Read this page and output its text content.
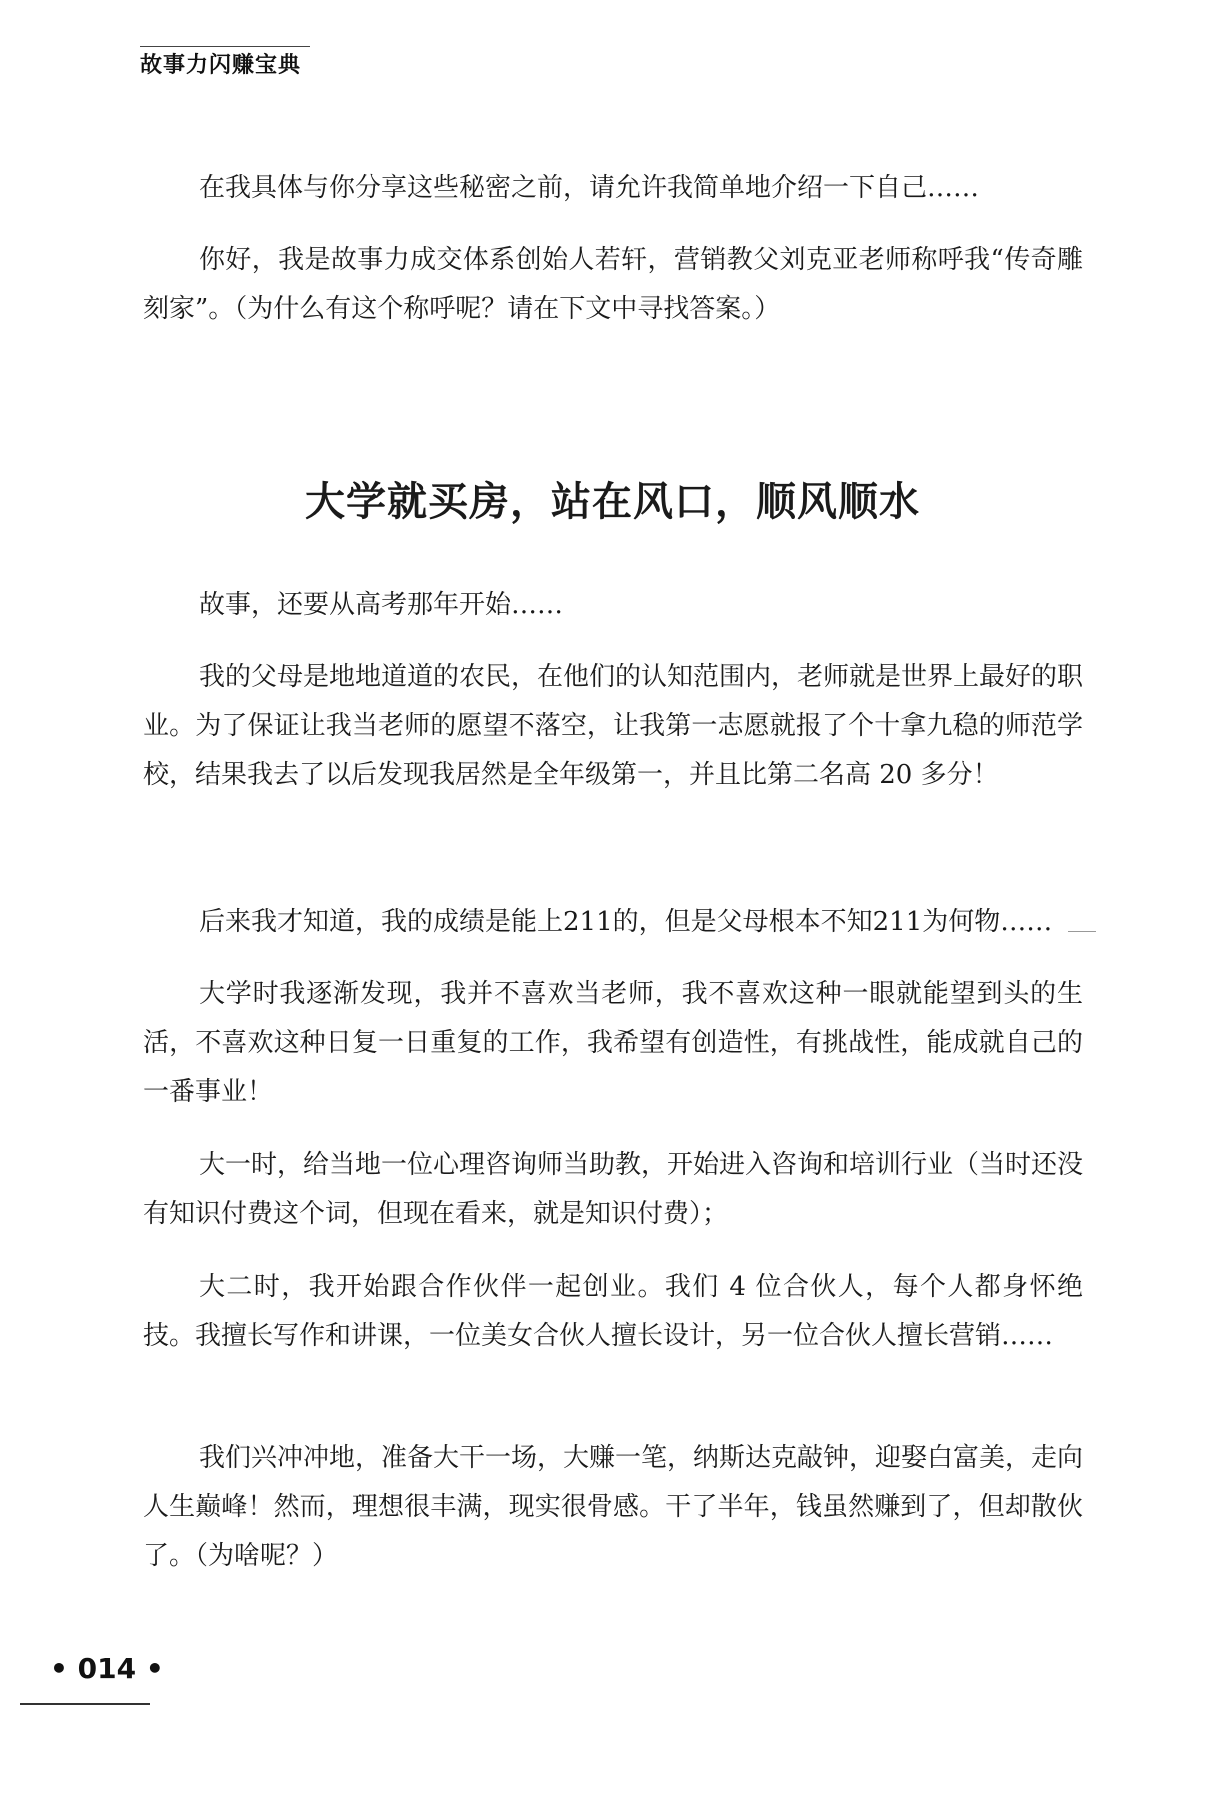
故事力闪赚宝典

在我具体与你分享这些秘密之前，请允许我简单地介绍一下自己……

你好，我是故事力成交体系创始人若轩，营销教父刘克亚老师称呼我“传奇雕刻家”。（为什么有这个称呼呢？请在下文中寻找答案。）

大学就买房，站在风口，顺风顺水

故事，还要从高考那年开始……

我的父母是地地道道的农民，在他们的认知范围内，老师就是世界上最好的职业。为了保证让我当老师的愿望不落空，让我第一志愿就报了个十拿九稳的师范学校，结果我去了以后发现我居然是全年级第一，并且比第二名高 20 多分！

后来我才知道，我的成绩是能上211的，但是父母根本不知211为何物……

大学时我逐渐发现，我并不喜欢当老师，我不喜欢这种一眼就能望到头的生活，不喜欢这种日复一日重复的工作，我希望有创造性，有挑战性，能成就自己的一番事业！

大一时，给当地一位心理咨询师当助教，开始进入咨询和培训行业（当时还没有知识付费这个词，但现在看来，就是知识付费）；

大二时，我开始跟合作伙伴一起创业。我们 4 位合伙人，每个人都身怀绝技。我擅长写作和讲课，一位美女合伙人擅长设计，另一位合伙人擅长营销……

我们兴冲冲地，准备大干一场，大赚一笔，纳斯达克敲钟，迎娶白富美，走向人生巅峰！然而，理想很丰满，现实很骨感。干了半年，钱虽然赚到了，但却散伙了。（为啥呢？）

• 014 •
